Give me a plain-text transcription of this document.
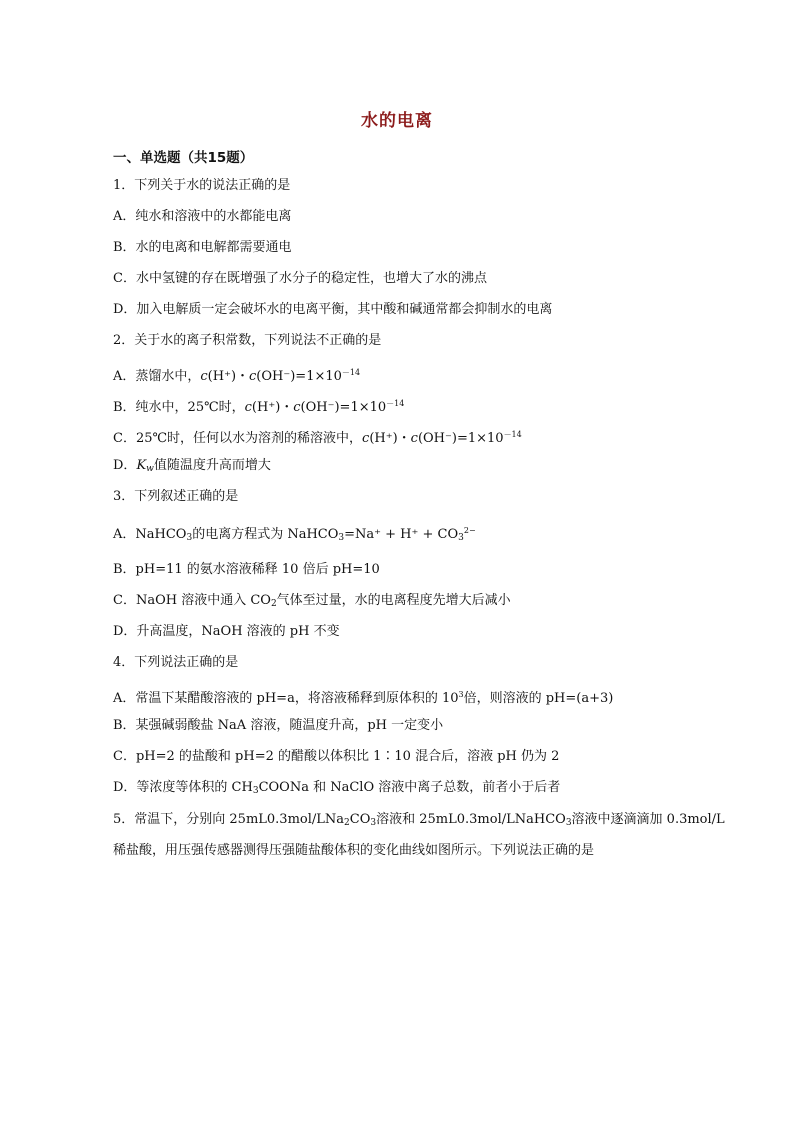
水的电离
一、单选题（共15题）
1．下列关于水的说法正确的是
A．纯水和溶液中的水都能电离
B．水的电离和电解都需要通电
C．水中氢键的存在既增强了水分子的稳定性，也增大了水的沸点
D．加入电解质一定会破坏水的电离平衡，其中酸和碱通常都会抑制水的电离
2．关于水的离子积常数，下列说法不正确的是
A．蒸馏水中，c(H⁺)・$c(OH^-)=1\times 10^{-14}$
B．纯水中，25℃时，c(H⁺)・$c(OH^-)=1\times 10^{-14}$
C．25℃时，任何以水为溶剂的稀溶液中，c(H⁺)・$c(OH^-)=1\times 10^{-14}$
D．$K_w$值随温度升高而增大
3．下列叙述正确的是
A．NaHCO$_3$的电离方程式为 NaHCO$_3$=Na⁺ + $H^+ + CO_3^{2-}$
B．pH=11 的氨水溶液稀释 10 倍后 pH=10
C．NaOH 溶液中通入 $CO_2$气体至过量，水的电离程度先增大后减小
D．升高温度，NaOH 溶液的 pH 不变
4．下列说法正确的是
A．常温下某醋酸溶液的 pH=a，将溶液稀释到原体积的 $10^3$倍，则溶液的 pH=(a+3)
B．某强碱弱酸盐 NaA 溶液，随温度升高，pH 一定变小
C．pH=2 的盐酸和 pH=2 的醋酸以体积比 1∶10 混合后，溶液 pH 仍为 2
D．等浓度等体积的 $CH_3COONa$ 和 NaClO 溶液中离子总数，前者小于后者
5．常温下，分别向 $25mL0.3mol/LNa_2CO_3$溶液和 25mL0.3mol/LNaHCO$_3$溶液中逐滴滴加 0.3mol/L
稀盐酸，用压强传感器测得压强随盐酸体积的变化曲线如图所示。下列说法正确的是
